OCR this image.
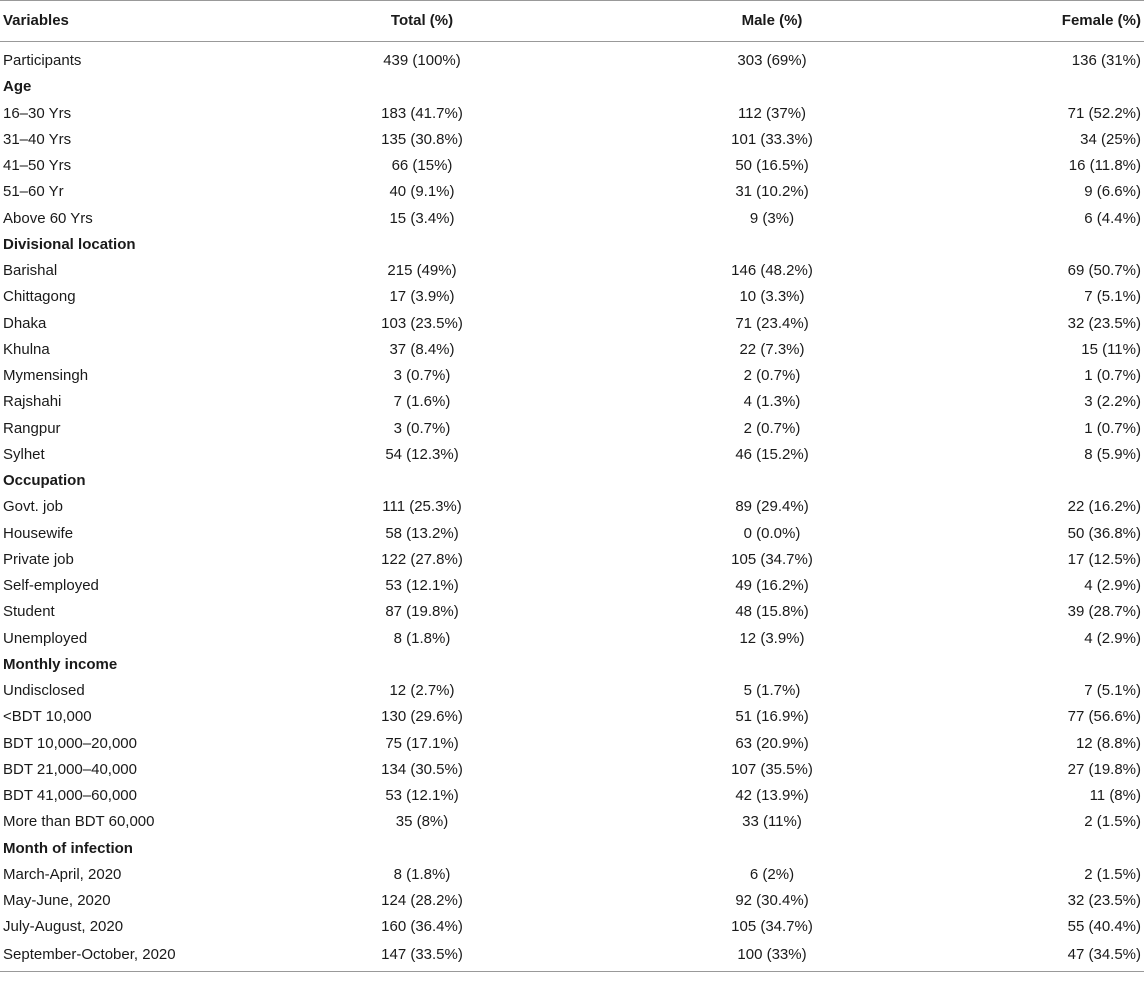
Variables	Total (%)	Male (%)	Female (%)
Participants	439 (100%)	303 (69%)	136 (31%)
Age			
16–30 Yrs	183 (41.7%)	112 (37%)	71 (52.2%)
31–40 Yrs	135 (30.8%)	101 (33.3%)	34 (25%)
41–50 Yrs	66 (15%)	50 (16.5%)	16 (11.8%)
51–60 Yr	40 (9.1%)	31 (10.2%)	9 (6.6%)
Above 60 Yrs	15 (3.4%)	9 (3%)	6 (4.4%)
Divisional location			
Barishal	215 (49%)	146 (48.2%)	69 (50.7%)
Chittagong	17 (3.9%)	10 (3.3%)	7 (5.1%)
Dhaka	103 (23.5%)	71 (23.4%)	32 (23.5%)
Khulna	37 (8.4%)	22 (7.3%)	15 (11%)
Mymensingh	3 (0.7%)	2 (0.7%)	1 (0.7%)
Rajshahi	7 (1.6%)	4 (1.3%)	3 (2.2%)
Rangpur	3 (0.7%)	2 (0.7%)	1 (0.7%)
Sylhet	54 (12.3%)	46 (15.2%)	8 (5.9%)
Occupation			
Govt. job	111 (25.3%)	89 (29.4%)	22 (16.2%)
Housewife	58 (13.2%)	0 (0.0%)	50 (36.8%)
Private job	122 (27.8%)	105 (34.7%)	17 (12.5%)
Self-employed	53 (12.1%)	49 (16.2%)	4 (2.9%)
Student	87 (19.8%)	48 (15.8%)	39 (28.7%)
Unemployed	8 (1.8%)	12 (3.9%)	4 (2.9%)
Monthly income			
Undisclosed	12 (2.7%)	5 (1.7%)	7 (5.1%)
<BDT 10,000	130 (29.6%)	51 (16.9%)	77 (56.6%)
BDT 10,000–20,000	75 (17.1%)	63 (20.9%)	12 (8.8%)
BDT 21,000–40,000	134 (30.5%)	107 (35.5%)	27 (19.8%)
BDT 41,000–60,000	53 (12.1%)	42 (13.9%)	11 (8%)
More than BDT 60,000	35 (8%)	33 (11%)	2 (1.5%)
Month of infection			
March-April, 2020	8 (1.8%)	6 (2%)	2 (1.5%)
May-June, 2020	124 (28.2%)	92 (30.4%)	32 (23.5%)
July-August, 2020	160 (36.4%)	105 (34.7%)	55 (40.4%)
September-October, 2020	147 (33.5%)	100 (33%)	47 (34.5%)
